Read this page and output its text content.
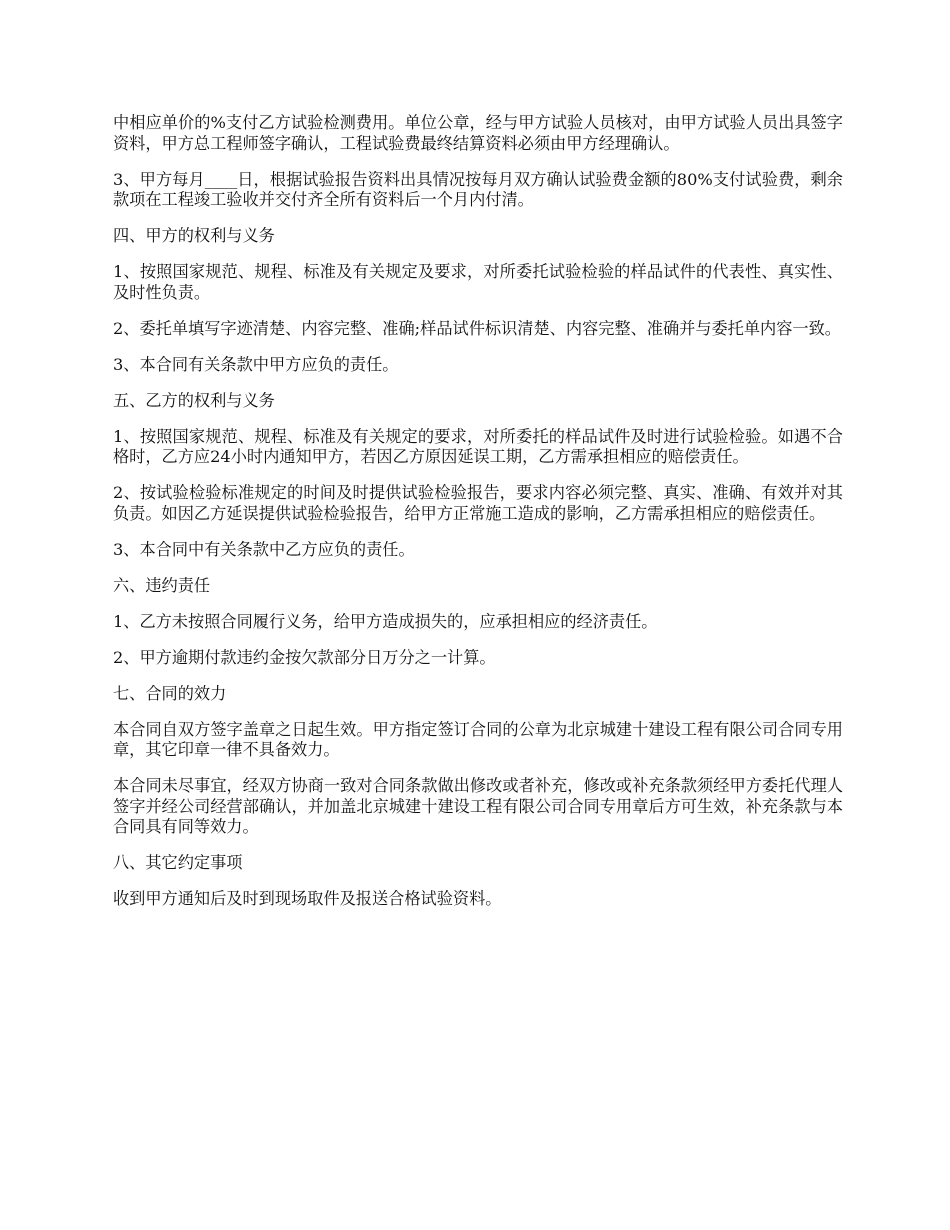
中相应单价的%支付乙方试验检测费用。单位公章，经与甲方试验人员核对，由甲方试验人员出具签字资料，甲方总工程师签字确认，工程试验费最终结算资料必须由甲方经理确认。

3、甲方每月____日，根据试验报告资料出具情况按每月双方确认试验费金额的80%支付试验费，剩余款项在工程竣工验收并交付齐全所有资料后一个月内付清。

四、甲方的权利与义务

1、按照国家规范、规程、标准及有关规定及要求，对所委托试验检验的样品试件的代表性、真实性、及时性负责。

2、委托单填写字迹清楚、内容完整、准确;样品试件标识清楚、内容完整、准确并与委托单内容一致。

3、本合同有关条款中甲方应负的责任。

五、乙方的权利与义务

1、按照国家规范、规程、标准及有关规定的要求，对所委托的样品试件及时进行试验检验。如遇不合格时，乙方应24小时内通知甲方，若因乙方原因延误工期，乙方需承担相应的赔偿责任。

2、按试验检验标准规定的时间及时提供试验检验报告，要求内容必须完整、真实、准确、有效并对其负责。如因乙方延误提供试验检验报告，给甲方正常施工造成的影响，乙方需承担相应的赔偿责任。

3、本合同中有关条款中乙方应负的责任。

六、违约责任

1、乙方未按照合同履行义务，给甲方造成损失的，应承担相应的经济责任。

2、甲方逾期付款违约金按欠款部分日万分之一计算。

七、合同的效力

本合同自双方签字盖章之日起生效。甲方指定签订合同的公章为北京城建十建设工程有限公司合同专用章，其它印章一律不具备效力。

本合同未尽事宜，经双方协商一致对合同条款做出修改或者补充，修改或补充条款须经甲方委托代理人签字并经公司经营部确认，并加盖北京城建十建设工程有限公司合同专用章后方可生效，补充条款与本合同具有同等效力。

八、其它约定事项

收到甲方通知后及时到现场取件及报送合格试验资料。
